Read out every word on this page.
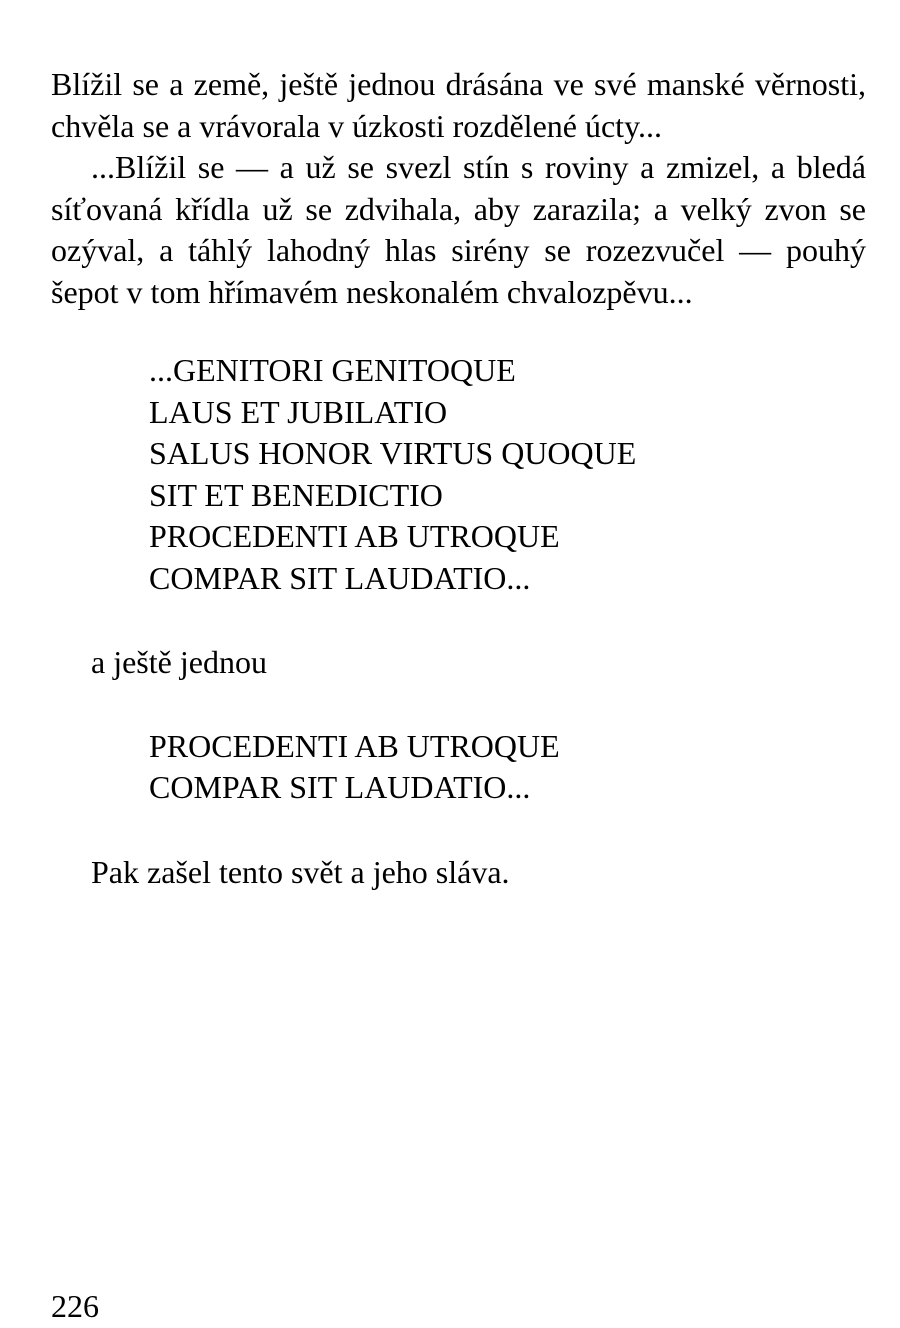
Blížil se a země, ještě jednou drásána ve své manské věrnosti, chvěla se a vrávorala v úzkosti rozdělené úcty...

...Blížil se — a už se svezl stín s roviny a zmizel, a bledá síťovaná křídla už se zdvihala, aby zarazila; a velký zvon se ozýval, a táhlý lahodný hlas sirény se rozezvučel — pouhý šepot v tom hřímavém neskonalém chvalozpěvu...

...GENITORI GENITOQUE
LAUS ET JUBILATIO
SALUS HONOR VIRTUS QUOQUE
SIT ET BENEDICTIO
PROCEDENTI AB UTROQUE
COMPAR SIT LAUDATIO...

a ještě jednou

PROCEDENTI AB UTROQUE
COMPAR SIT LAUDATIO...

Pak zašel tento svět a jeho sláva.

226
